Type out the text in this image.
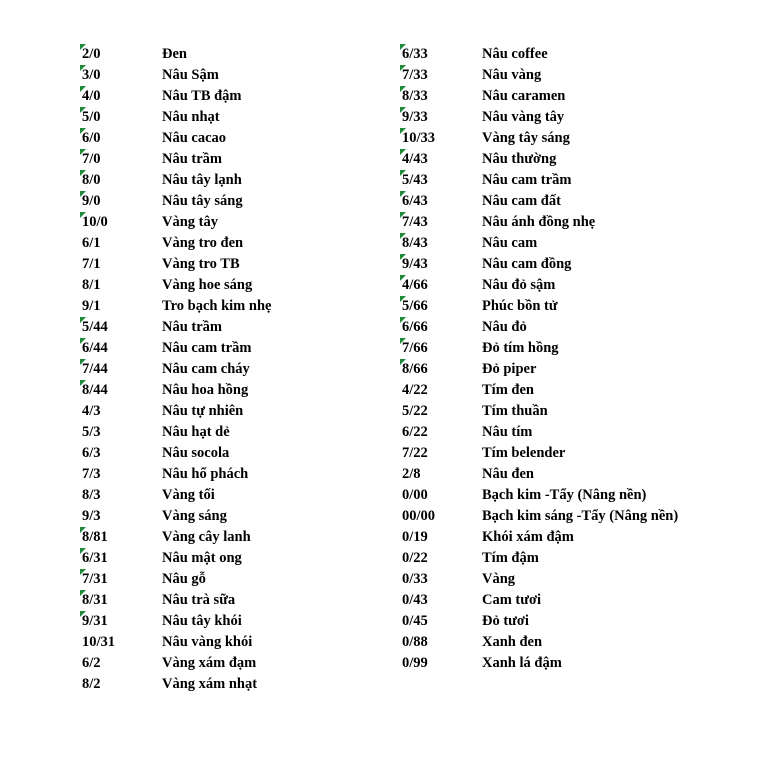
2/0	Đen
3/0	Nâu Sậm
4/0	Nâu TB đậm
5/0	Nâu nhạt
6/0	Nâu cacao
7/0	Nâu trầm
8/0	Nâu tây lạnh
9/0	Nâu tây sáng
10/0	Vàng tây
6/1	Vàng tro đen
7/1	Vàng tro TB
8/1	Vàng hoe sáng
9/1	Tro bạch kim nhẹ
5/44	Nâu trầm
6/44	Nâu cam trầm
7/44	Nâu cam cháy
8/44	Nâu hoa hồng
4/3	Nâu tự nhiên
5/3	Nâu hạt dẻ
6/3	Nâu socola
7/3	Nâu hổ phách
8/3	Vàng tối
9/3	Vàng sáng
8/81	Vàng cây lanh
6/31	Nâu mật ong
7/31	Nâu gỗ
8/31	Nâu trà sữa
9/31	Nâu tây khói
10/31	Nâu vàng khói
6/2	Vàng xám đạm
8/2	Vàng xám nhạt
6/33	Nâu coffee
7/33	Nâu vàng
8/33	Nâu caramen
9/33	Nâu vàng tây
10/33	Vàng tây sáng
4/43	Nâu thường
5/43	Nâu cam trầm
6/43	Nâu cam đất
7/43	Nâu ánh đồng nhẹ
8/43	Nâu cam
9/43	Nâu cam đồng
4/66	Nâu đỏ sậm
5/66	Phúc bồn tử
6/66	Nâu đỏ
7/66	Đỏ tím hồng
8/66	Đỏ piper
4/22	Tím đen
5/22	Tím thuần
6/22	Nâu tím
7/22	Tím belender
2/8	Nâu đen
0/00	Bạch kim -Tẩy (Nâng nền)
00/00	Bạch kim sáng -Tẩy (Nâng nền)
0/19	Khói xám đậm
0/22	Tím đậm
0/33	Vàng
0/43	Cam tươi
0/45	Đỏ tươi
0/88	Xanh đen
0/99	Xanh lá đậm
